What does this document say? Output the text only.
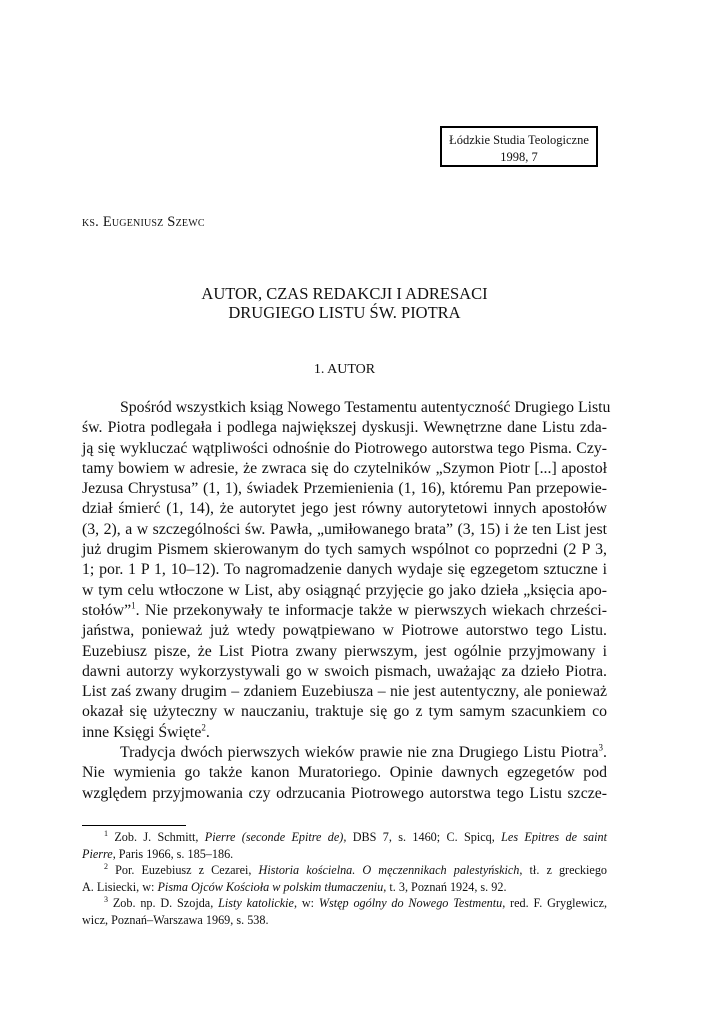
Łódzkie Studia Teologiczne
1998, 7
ks. Eugeniusz Szewc
AUTOR, CZAS REDAKCJI I ADRESACI
DRUGIEGO LISTU ŚW. PIOTRA
1. AUTOR
Spośród wszystkich ksiąg Nowego Testamentu autentyczność Drugiego Listu
św. Piotra podlegała i podlega największej dyskusji. Wewnętrzne dane Listu zda-
ją się wykluczać wątpliwości odnośnie do Piotrowego autorstwa tego Pisma. Czy-
tamy bowiem w adresie, że zwraca się do czytelników „Szymon Piotr [...] apostoł
Jezusa Chrystusa” (1, 1), świadek Przemienienia (1, 16), któremu Pan przepowie-
dział śmierć (1, 14), że autorytet jego jest równy autorytetowi innych apostołów
(3, 2), a w szczególności św. Pawła, „umiłowanego brata” (3, 15) i że ten List jest
już drugim Pismem skierowanym do tych samych wspólnot co poprzedni (2 P 3,
1; por. 1 P 1, 10–12). To nagromadzenie danych wydaje się egzegetom sztuczne i
w tym celu wtłoczone w List, aby osiągnąć przyjęcie go jako dzieła „księcia apo-
stołów”$^1$. Nie przekonywały te informacje także w pierwszych wiekach chrześci-
jaństwa, ponieważ już wtedy powątpiewano w Piotrowe autorstwo tego Listu.
Euzebiusz pisze, że List Piotra zwany pierwszym, jest ogólnie przyjmowany i
dawni autorzy wykorzystywali go w swoich pismach, uważając za dzieło Piotra.
List zaś zwany drugim – zdaniem Euzebiusza – nie jest autentyczny, ale ponieważ
okazał się użyteczny w nauczaniu, traktuje się go z tym samym szacunkiem co
inne Księgi Święte$^2$.
Tradycja dwóch pierwszych wieków prawie nie zna Drugiego Listu Piotra$^3$.
Nie wymienia go także kanon Muratoriego. Opinie dawnych egzegetów pod
względem przyjmowania czy odrzucania Piotrowego autorstwa tego Listu szcze-
$^1$ Zob. J. Schmitt, Pierre (seconde Epitre de), DBS 7, s. 1460; C. Spicq, Les Epitres de saint
Pierre, Paris 1966, s. 185–186.
$^2$ Por. Euzebiusz z Cezarei, Historia kościelna. O męczennikach palestyńskich, tł. z greckiego
A. Lisiecki, w: Pisma Ojców Kościoła w polskim tłumaczeniu, t. 3, Poznań 1924, s. 92.
$^3$ Zob. np. D. Szojda, Listy katolickie, w: Wstęp ogólny do Nowego Testmentu, red. F. Gryglewicz,
wicz, Poznań–Warszawa 1969, s. 538.
